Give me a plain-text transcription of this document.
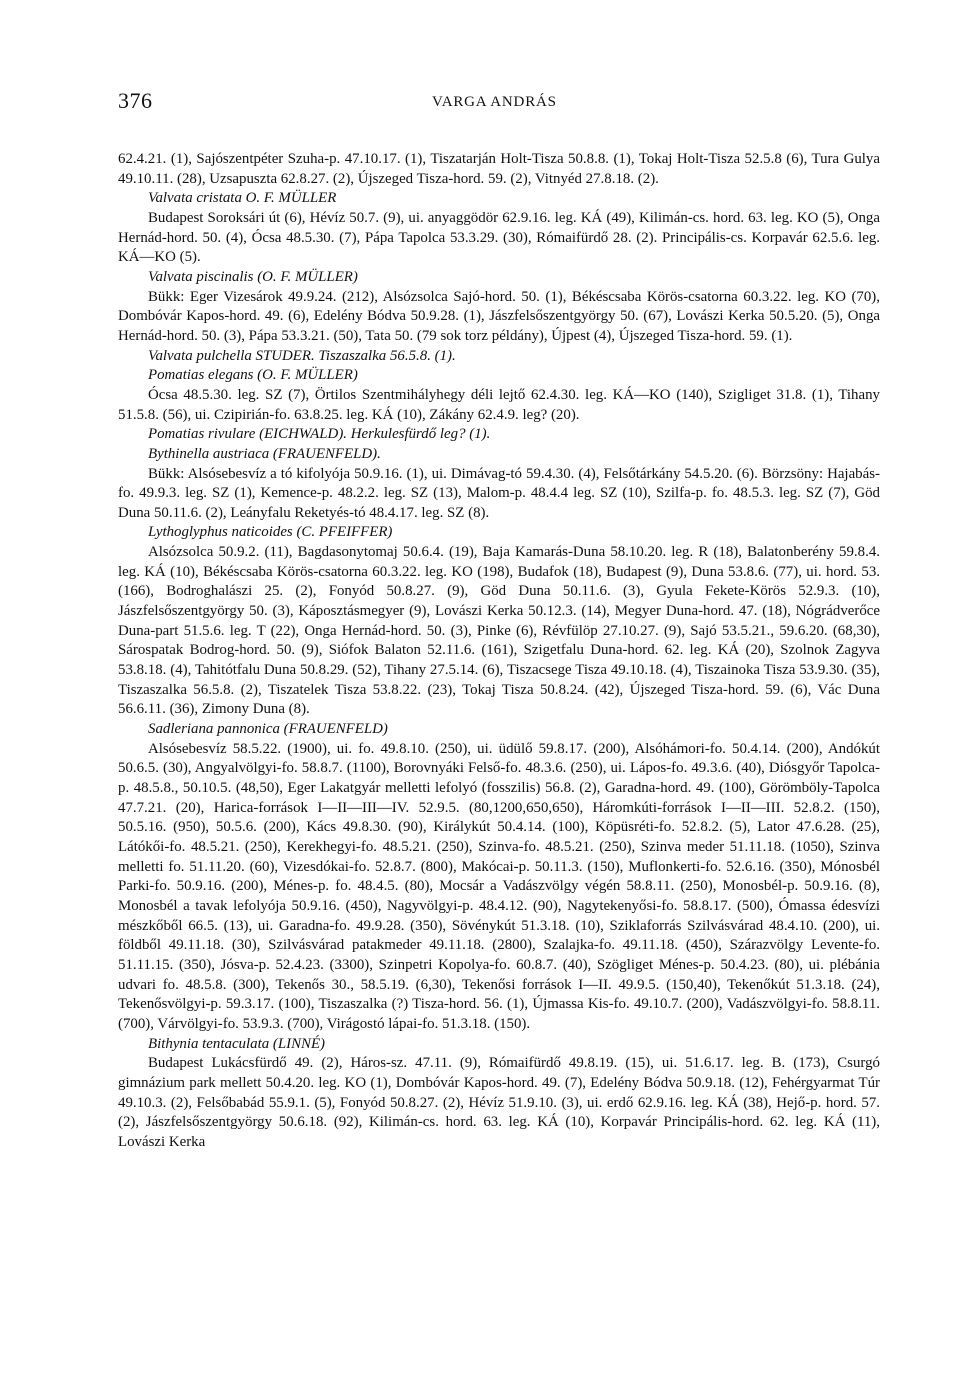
376	VARGA ANDRÁS

62.4.21. (1), Sajószentpéter Szuha-p. 47.10.17. (1), Tiszatarján Holt-Tisza 50.8.8. (1), Tokaj Holt-Tisza 52.5.8 (6), Tura Gulya 49.10.11. (28), Uzsapuszta 62.8.27. (2), Újszeged Tisza-hord. 59. (2), Vitnyéd 27.8.18. (2).

Valvata cristata O. F. MÜLLER

Budapest Soroksári út (6), Hévíz 50.7. (9), ui. anyaggödör 62.9.16. leg. KÁ (49), Kilimán-cs. hord. 63. leg. KO (5), Onga Hernád-hord. 50. (4), Ócsa 48.5.30. (7), Pápa Tapolca 53.3.29. (30), Rómaifürdő 28. (2). Principális-cs. Korpavár 62.5.6. leg. KÁ—KO (5).

Valvata piscinalis (O. F. MÜLLER)

Bükk: Eger Vizesárok 49.9.24. (212), Alsózsolca Sajó-hord. 50. (1), Békéscsaba Körös-csatorna 60.3.22. leg. KO (70), Dombóvár Kapos-hord. 49. (6), Edelény Bódva 50.9.28. (1), Jászfelsőszentgyörgy 50. (67), Lovászi Kerka 50.5.20. (5), Onga Hernád-hord. 50. (3), Pápa 53.3.21. (50), Tata 50. (79 sok torz példány), Újpest (4), Újszeged Tisza-hord. 59. (1).

Valvata pulchella STUDER. Tiszaszalka 56.5.8. (1).

Pomatias elegans (O. F. MÜLLER)

Ócsa 48.5.30. leg. SZ (7), Örtilos Szentmihályhegy déli lejtő 62.4.30. leg. KÁ—KO (140), Szigliget 31.8. (1), Tihany 51.5.8. (56), ui. Czipirián-fo. 63.8.25. leg. KÁ (10), Zákány 62.4.9. leg? (20).

Pomatias rivulare (EICHWALD). Herkulesfürdő leg? (1).

Bythinella austriaca (FRAUENFELD).

Bükk: Alsósebesvíz a tó kifolyója 50.9.16. (1), ui. Dimávag-tó 59.4.30. (4), Felsőtárkány 54.5.20. (6). Börzsöny: Hajabás-fo. 49.9.3. leg. SZ (1), Kemence-p. 48.2.2. leg. SZ (13), Malom-p. 48.4.4 leg. SZ (10), Szilfa-p. fo. 48.5.3. leg. SZ (7), Göd Duna 50.11.6. (2), Leányfalu Reketyés-tó 48.4.17. leg. SZ (8).

Lythoglyphus naticoides (C. PFEIFFER)

Alsózsolca 50.9.2. (11), Bagdasonytomaj 50.6.4. (19), Baja Kamarás-Duna 58.10.20. leg. R (18), Balatonberény 59.8.4. leg. KÁ (10), Békéscsaba Körös-csatorna 60.3.22. leg. KO (198), Budafok (18), Budapest (9), Duna 53.8.6. (77), ui. hord. 53. (166), Bodroghalászi 25. (2), Fonyód 50.8.27. (9), Göd Duna 50.11.6. (3), Gyula Fekete-Körös 52.9.3. (10), Jászfelsőszentgyörgy 50. (3), Káposztásmegyer (9), Lovászi Kerka 50.12.3. (14), Megyer Duna-hord. 47. (18), Nógrádverőce Duna-part 51.5.6. leg. T (22), Onga Hernád-hord. 50. (3), Pinke (6), Révfülöp 27.10.27. (9), Sajó 53.5.21., 59.6.20. (68,30), Sárospatak Bodrog-hord. 50. (9), Siófok Balaton 52.11.6. (161), Szigetfalu Duna-hord. 62. leg. KÁ (20), Szolnok Zagyva 53.8.18. (4), Tahitótfalu Duna 50.8.29. (52), Tihany 27.5.14. (6), Tiszacsege Tisza 49.10.18. (4), Tiszainoka Tisza 53.9.30. (35), Tiszaszalka 56.5.8. (2), Tiszatelek Tisza 53.8.22. (23), Tokaj Tisza 50.8.24. (42), Újszeged Tisza-hord. 59. (6), Vác Duna 56.6.11. (36), Zimony Duna (8).

Sadleriana pannonica (FRAUENFELD)

Alsósebesvíz 58.5.22. (1900), ui. fo. 49.8.10. (250), ui. üdülő 59.8.17. (200), Alsóhámori-fo. 50.4.14. (200), Andókút 50.6.5. (30), Angyalvölgyi-fo. 58.8.7. (1100), Borovnyáki Felső-fo. 48.3.6. (250), ui. Lápos-fo. 49.3.6. (40), Diósgyőr Tapolca-p. 48.5.8., 50.10.5. (48,50), Eger Lakatgyár melletti lefolyó (fosszilis) 56.8. (2), Garadna-hord. 49. (100), Görömböly-Tapolca 47.7.21. (20), Harica-források I—II—III—IV. 52.9.5. (80,1200,650,650), Háromkúti-források I—II—III. 52.8.2. (150), 50.5.16. (950), 50.5.6. (200), Kács 49.8.30. (90), Királykút 50.4.14. (100), Köpüsréti-fo. 52.8.2. (5), Lator 47.6.28. (25), Látókői-fo. 48.5.21. (250), Kerekhegyi-fo. 48.5.21. (250), Szinva-fo. 48.5.21. (250), Szinva meder 51.11.18. (1050), Szinva melletti fo. 51.11.20. (60), Vizesdókai-fo. 52.8.7. (800), Makócai-p. 50.11.3. (150), Muflonkerti-fo. 52.6.16. (350), Mónosbél Parki-fo. 50.9.16. (200), Ménes-p. fo. 48.4.5. (80), Mocsár a Vadászvölgy végén 58.8.11. (250), Monosbél-p. 50.9.16. (8), Monosbél a tavak lefolyója 50.9.16. (450), Nagyvölgyi-p. 48.4.12. (90), Nagytekenyősi-fo. 58.8.17. (500), Ómassa édesvízi mészkőből 66.5. (13), ui. Garadna-fo. 49.9.28. (350), Sövénykút 51.3.18. (10), Sziklaforrás Szilvásvárad 48.4.10. (200), ui. földből 49.11.18. (30), Szilvásvárad patakmeder 49.11.18. (2800), Szalajka-fo. 49.11.18. (450), Szárazvölgy Levente-fo. 51.11.15. (350), Jósva-p. 52.4.23. (3300), Szinpetri Kopolya-fo. 60.8.7. (40), Szögliget Ménes-p. 50.4.23. (80), ui. plébánia udvari fo. 48.5.8. (300), Tekenős 30., 58.5.19. (6,30), Tekenősi források I—II. 49.9.5. (150,40), Tekenőkút 51.3.18. (24), Tekenősvölgyi-p. 59.3.17. (100), Tiszaszalka (?) Tisza-hord. 56. (1), Újmassa Kis-fo. 49.10.7. (200), Vadászvölgyi-fo. 58.8.11. (700), Várvölgyi-fo. 53.9.3. (700), Virágostó lápai-fo. 51.3.18. (150).

Bithynia tentaculata (LINNÉ)

Budapest Lukácsfürdő 49. (2), Háros-sz. 47.11. (9), Rómaifürdő 49.8.19. (15), ui. 51.6.17. leg. B. (173), Csurgó gimnázium park mellett 50.4.20. leg. KO (1), Dombóvár Kapos-hord. 49. (7), Edelény Bódva 50.9.18. (12), Fehérgyarmat Túr 49.10.3. (2), Felsőbabád 55.9.1. (5), Fonyód 50.8.27. (2), Hévíz 51.9.10. (3), ui. erdő 62.9.16. leg. KÁ (38), Hejő-p. hord. 57. (2), Jászfelsőszentgyörgy 50.6.18. (92), Kilimán-cs. hord. 63. leg. KÁ (10), Korpavár Principális-hord. 62. leg. KÁ (11), Lovászi Kerka
